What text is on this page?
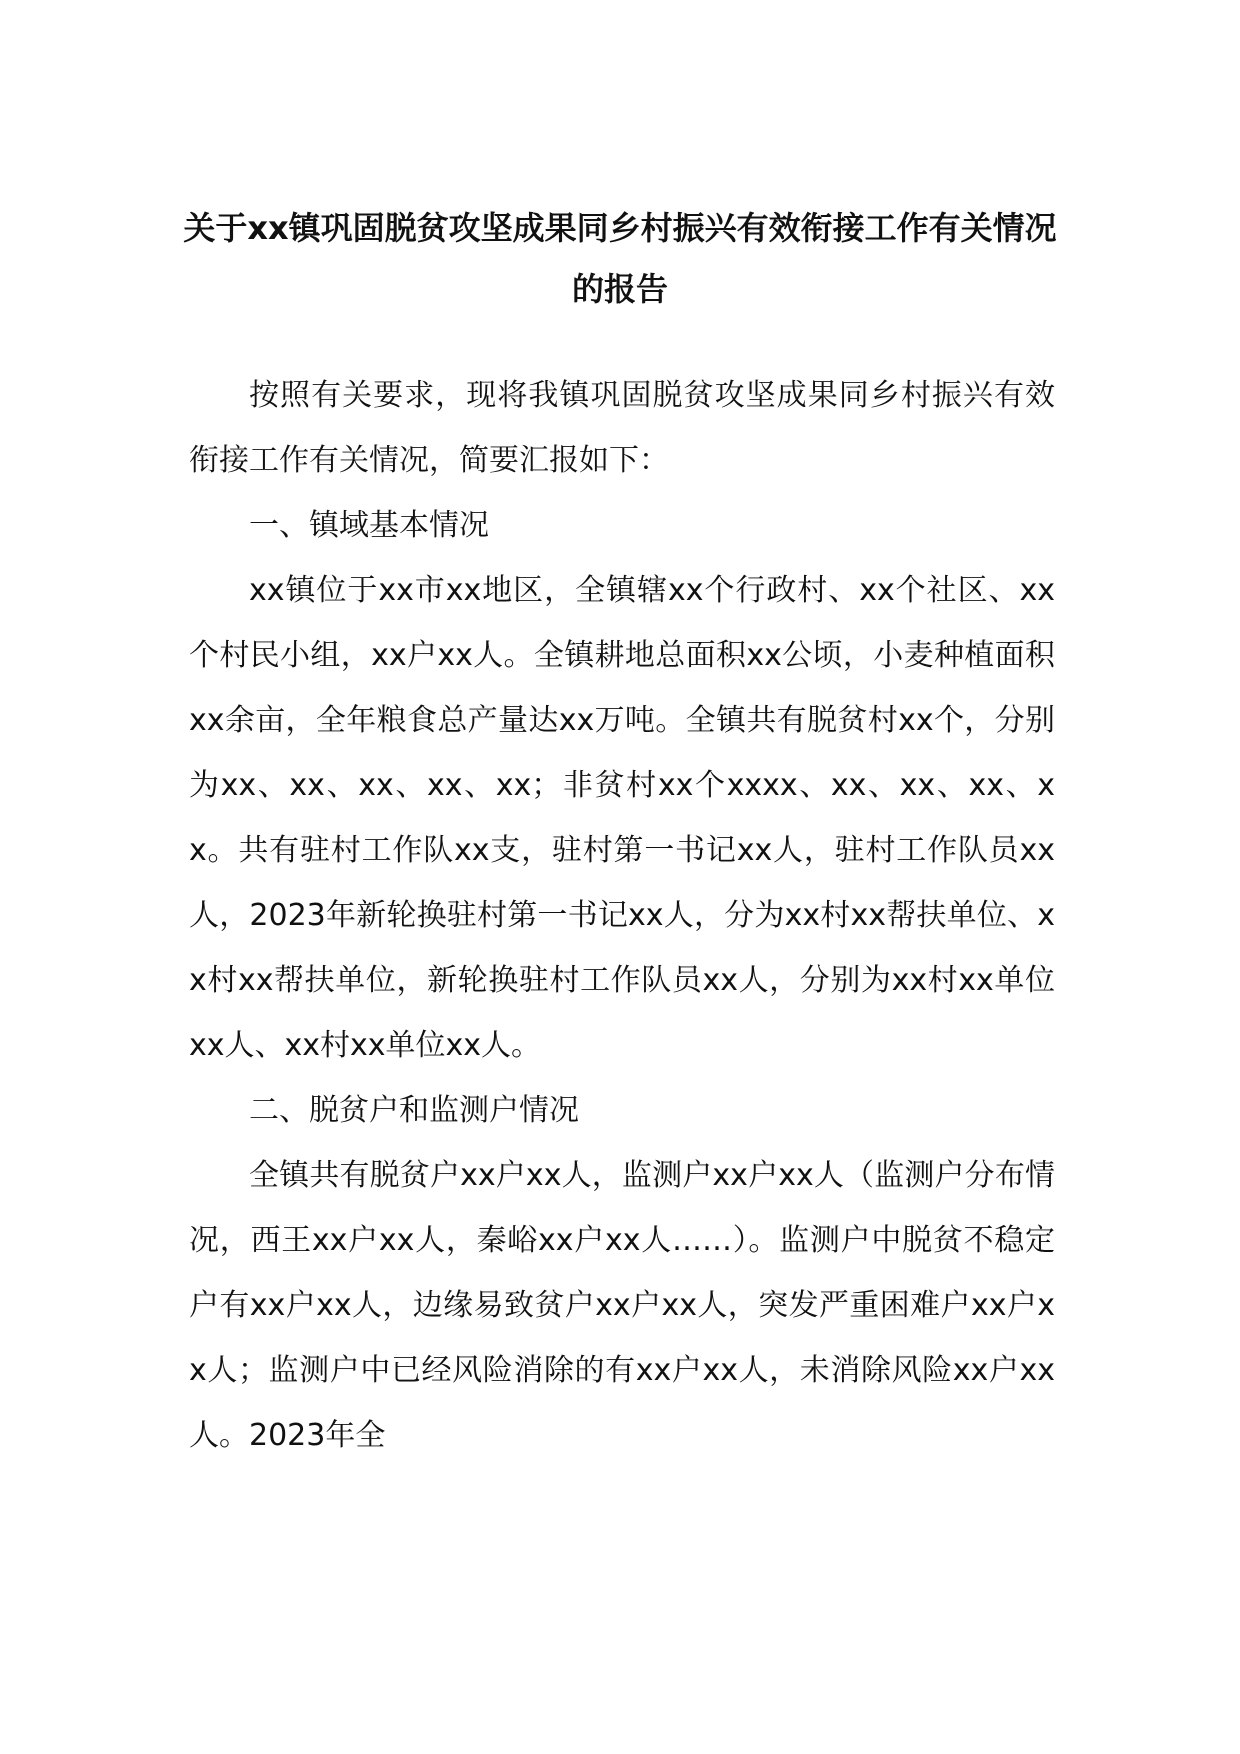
关于xx镇巩固脱贫攻坚成果同乡村振兴有效衔接工作有关情况的报告

按照有关要求，现将我镇巩固脱贫攻坚成果同乡村振兴有效衔接工作有关情况，简要汇报如下：

一、镇域基本情况

xx镇位于xx市xx地区，全镇辖xx个行政村、xx个社区、xx个村民小组，xx户xx人。全镇耕地总面积xx公顷，小麦种植面积xx余亩，全年粮食总产量达xx万吨。全镇共有脱贫村xx个，分别为xx、xx、xx、xx、xx；非贫村xx个xxxx、xx、xx、xx、xx。共有驻村工作队xx支，驻村第一书记xx人，驻村工作队员xx人，2023年新轮换驻村第一书记xx人，分为xx村xx帮扶单位、xx村xx帮扶单位，新轮换驻村工作队员xx人，分别为xx村xx单位xx人、xx村xx单位xx人。

二、脱贫户和监测户情况

全镇共有脱贫户xx户xx人，监测户xx户xx人（监测户分布情况，西王xx户xx人，秦峪xx户xx人……）。监测户中脱贫不稳定户有xx户xx人，边缘易致贫户xx户xx人，突发严重困难户xx户xx人；监测户中已经风险消除的有xx户xx人，未消除风险xx户xx人。2023年全
